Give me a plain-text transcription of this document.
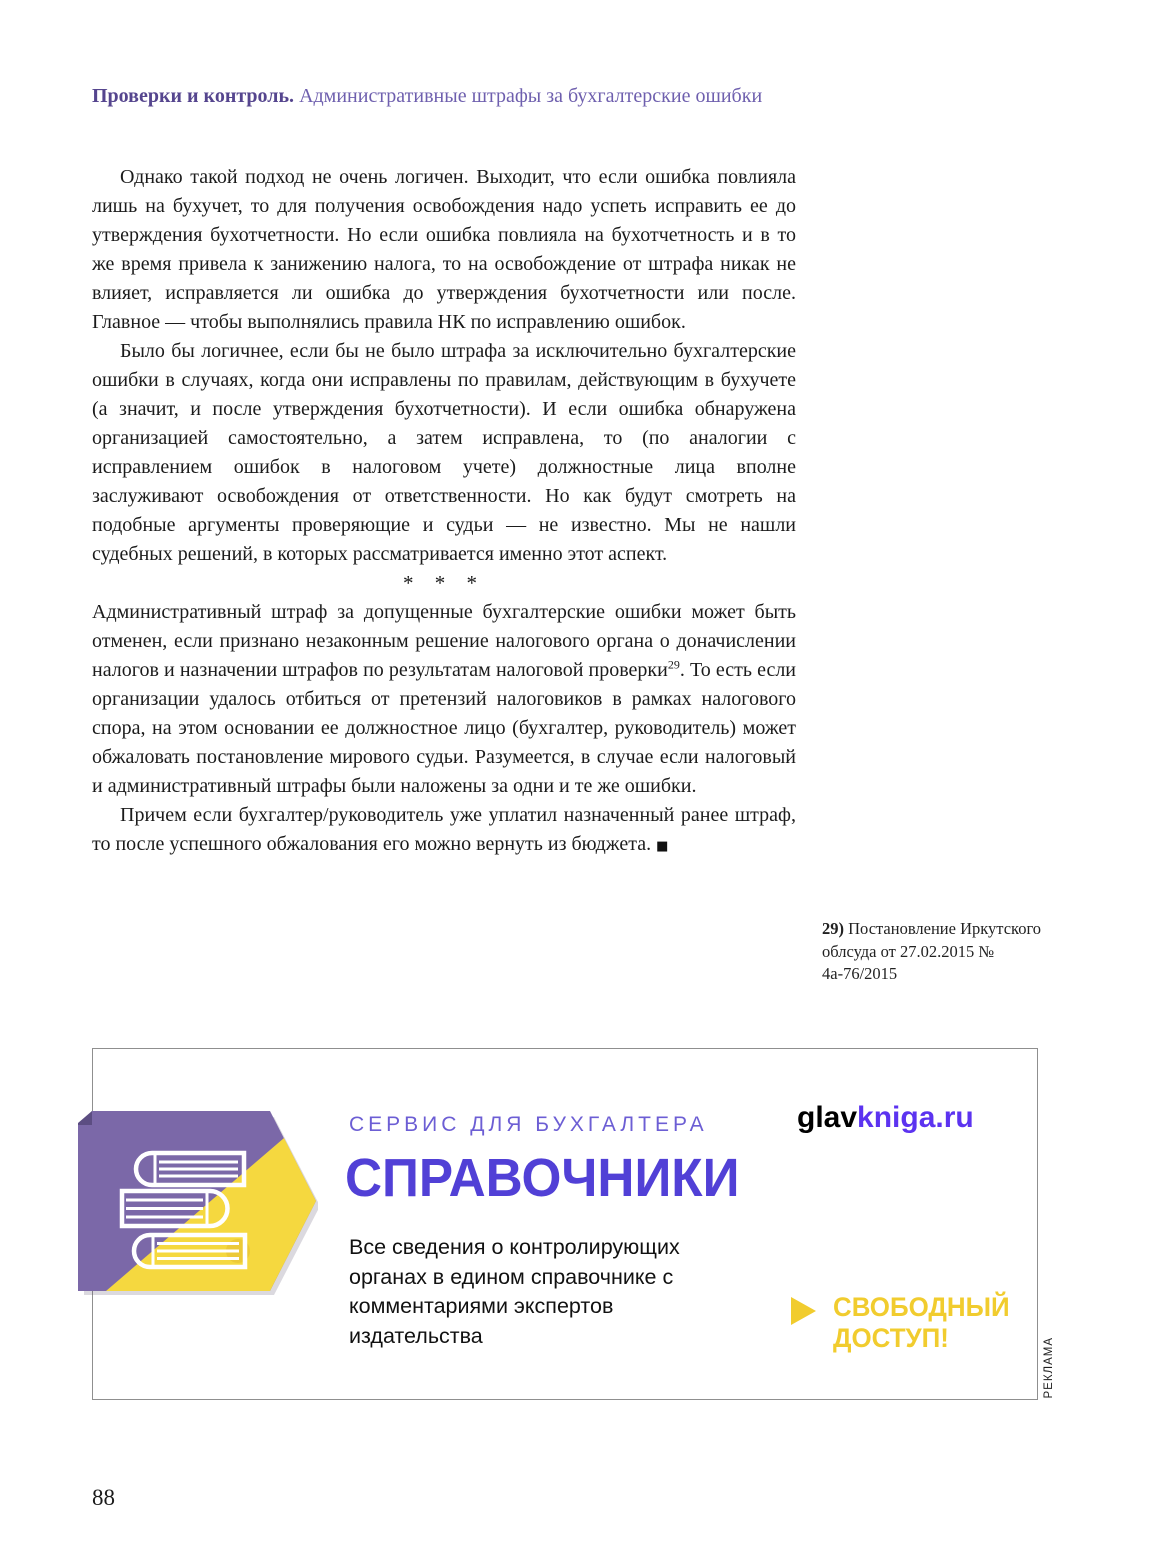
Проверки и контроль. Административные штрафы за бухгалтерские ошибки

Однако такой подход не очень логичен. Выходит, что если ошибка повлияла лишь на бухучет, то для получения освобождения надо успеть исправить ее до утверждения бухотчетности. Но если ошибка повлияла на бухотчетность и в то же время привела к занижению налога, то на освобождение от штрафа никак не влияет, исправляется ли ошибка до утверждения бухотчетности или после. Главное — чтобы выполнялись правила НК по исправлению ошибок.

Было бы логичнее, если бы не было штрафа за исключительно бухгалтерские ошибки в случаях, когда они исправлены по правилам, действующим в бухучете (а значит, и после утверждения бухотчетности). И если ошибка обнаружена организацией самостоятельно, а затем исправлена, то (по аналогии с исправлением ошибок в налоговом учете) должностные лица вполне заслуживают освобождения от ответственности. Но как будут смотреть на подобные аргументы проверяющие и судьи — не известно. Мы не нашли судебных решений, в которых рассматривается именно этот аспект.

* * *

Административный штраф за допущенные бухгалтерские ошибки может быть отменен, если признано незаконным решение налогового органа о доначислении налогов и назначении штрафов по результатам налоговой проверки$^{29}$. То есть если организации удалось отбиться от претензий налоговиков в рамках налогового спора, на этом основании ее должностное лицо (бухгалтер, руководитель) может обжаловать постановление мирового судьи. Разумеется, в случае если налоговый и административный штрафы были наложены за одни и те же ошибки.

Причем если бухгалтер/руководитель уже уплатил назначенный ранее штраф, то после успешного обжалования его можно вернуть из бюджета. ■

29) Постановление Иркутского облсуда от 27.02.2015 № 4а-76/2015
СЕРВИС ДЛЯ БУХГАЛТЕРА
СПРАВОЧНИКИ
Все сведения о контролирующих органах в едином справочнике с комментариями экспертов издательства
glavkniga.ru
СВОБОДНЫЙ
ДОСТУП!	РЕКЛАМА
88
